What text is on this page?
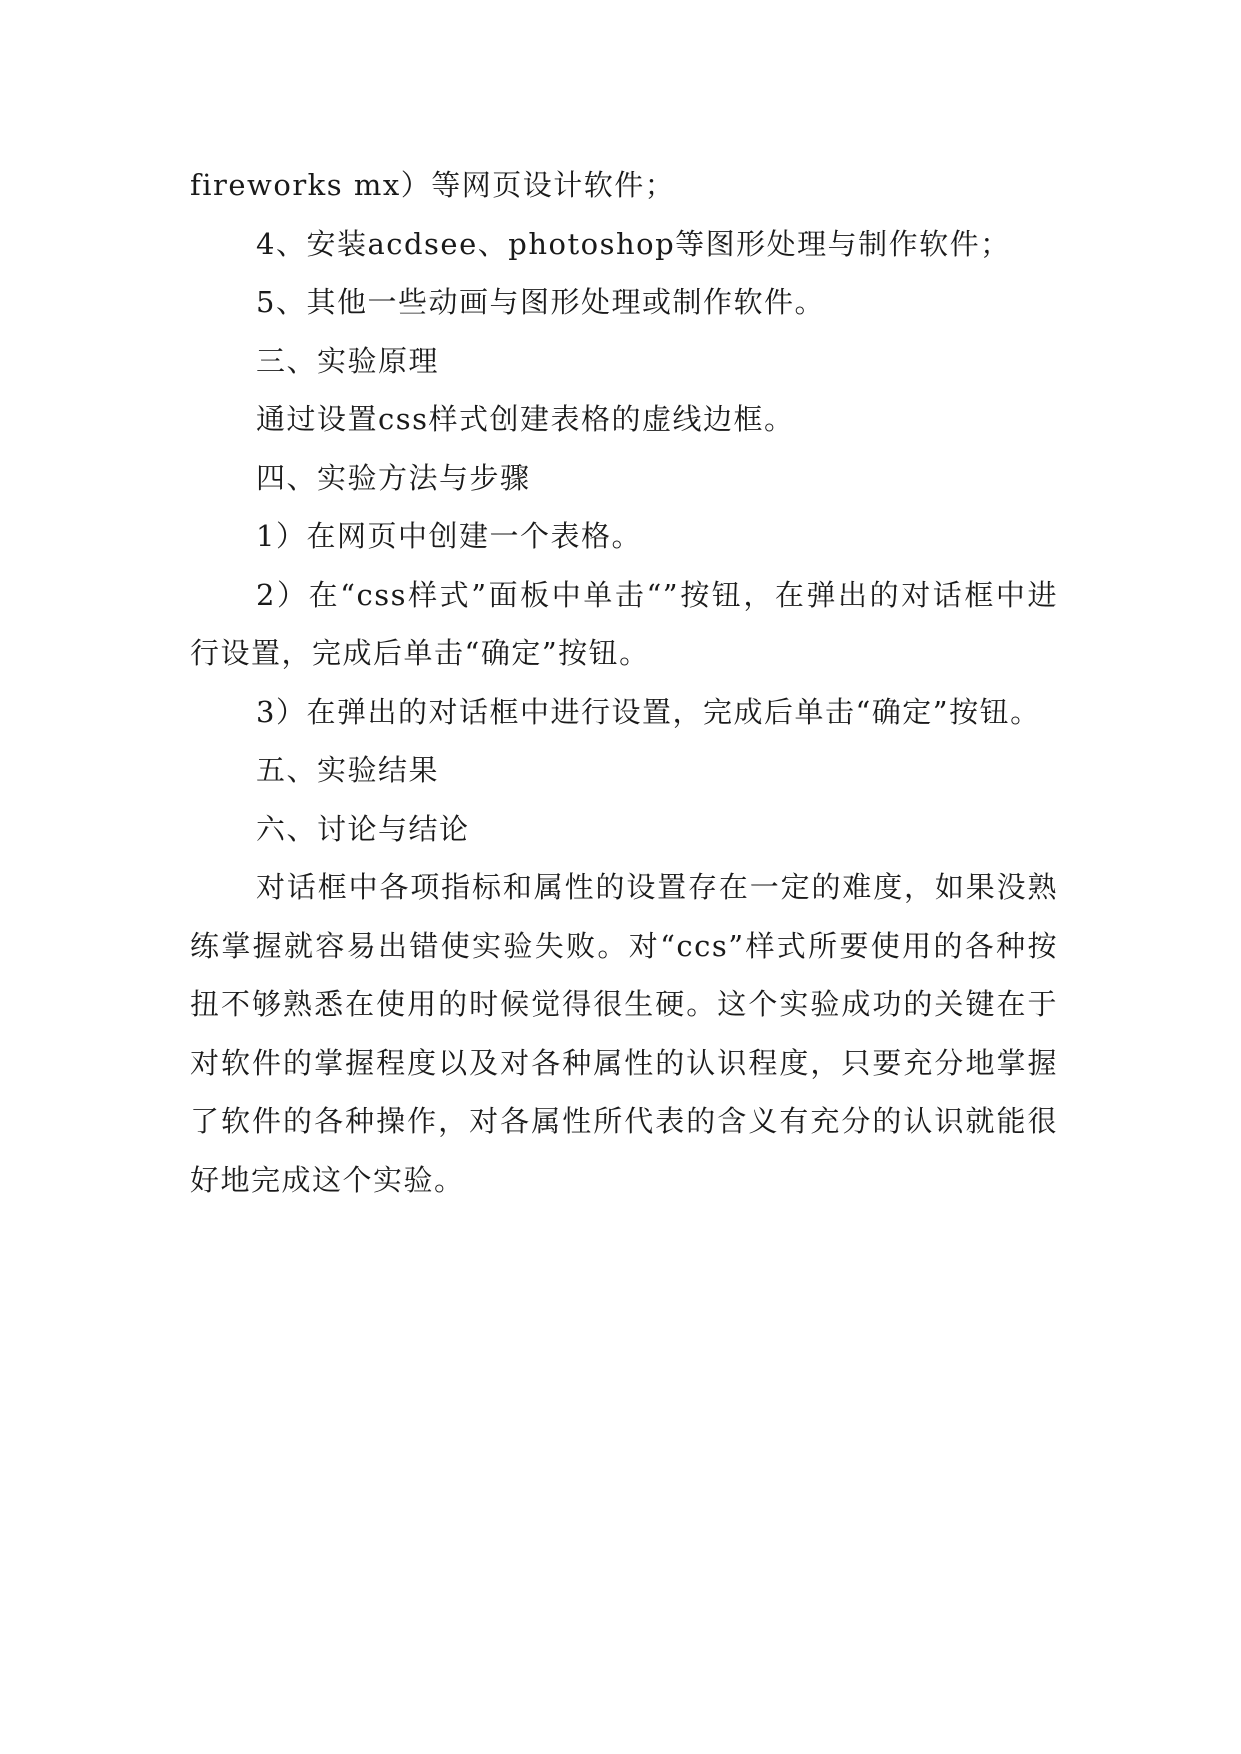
fireworks mx）等网页设计软件；

4、安装acdsee、photoshop等图形处理与制作软件；

5、其他一些动画与图形处理或制作软件。

三、实验原理

通过设置css样式创建表格的虚线边框。

四、实验方法与步骤

1）在网页中创建一个表格。

2）在“css样式”面板中单击“”按钮，在弹出的对话框中进行设置，完成后单击“确定”按钮。

3）在弹出的对话框中进行设置，完成后单击“确定”按钮。

五、实验结果

六、讨论与结论

对话框中各项指标和属性的设置存在一定的难度，如果没熟练掌握就容易出错使实验失败。对“ccs”样式所要使用的各种按扭不够熟悉在使用的时候觉得很生硬。这个实验成功的关键在于对软件的掌握程度以及对各种属性的认识程度，只要充分地掌握了软件的各种操作，对各属性所代表的含义有充分的认识就能很好地完成这个实验。
